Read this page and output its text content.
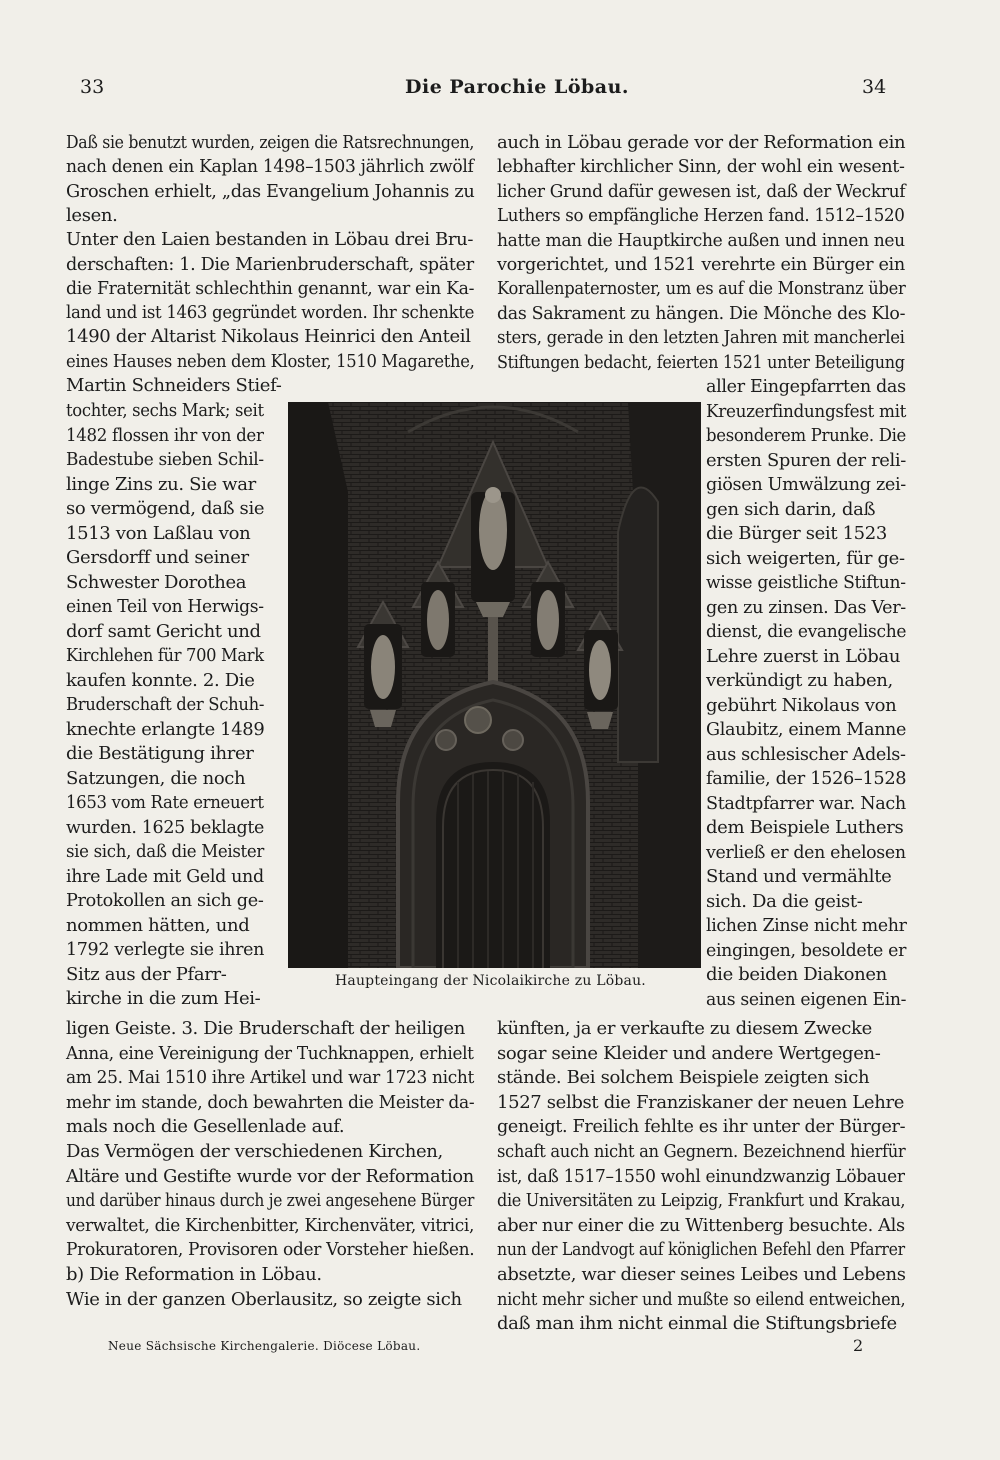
33	Die Parochie Löbau.	34
Daß sie benutzt wurden, zeigen die Ratsrechnungen,
nach denen ein Kaplan 1498–1503 jährlich zwölf
Groschen erhielt, „das Evangelium Johannis zu
lesen.
Unter den Laien bestanden in Löbau drei Bru-
derschaften: 1. Die Marienbruderschaft, später
die Fraternität schlechthin genannt, war ein Ka-
land und ist 1463 gegründet worden. Ihr schenkte
1490 der Altarist Nikolaus Heinrici den Anteil
eines Hauses neben dem Kloster, 1510 Magarethe,
Martin Schneiders Stief-
tochter, sechs Mark; seit
1482 flossen ihr von der
Badestube sieben Schil-
linge Zins zu. Sie war
so vermögend, daß sie
1513 von Laßlau von
Gersdorff und seiner
Schwester Dorothea
einen Teil von Herwigs-
dorf samt Gericht und
Kirchlehen für 700 Mark
kaufen konnte. 2. Die
Bruderschaft der Schuh-
knechte erlangte 1489
die Bestätigung ihrer
Satzungen, die noch
1653 vom Rate erneuert
wurden. 1625 beklagte
sie sich, daß die Meister
ihre Lade mit Geld und
Protokollen an sich ge-
nommen hätten, und
1792 verlegte sie ihren
Sitz aus der Pfarr-
kirche in die zum Hei-
ligen Geiste. 3. Die Bruderschaft der heiligen
Anna, eine Vereinigung der Tuchknappen, erhielt
am 25. Mai 1510 ihre Artikel und war 1723 nicht
mehr im stande, doch bewahrten die Meister da-
mals noch die Gesellenlade auf.
Das Vermögen der verschiedenen Kirchen,
Altäre und Gestifte wurde vor der Reformation
und darüber hinaus durch je zwei angesehene Bürger
verwaltet, die Kirchenbitter, Kirchenväter, vitrici,
Prokuratoren, Provisoren oder Vorsteher hießen.
b) Die Reformation in Löbau.
Wie in der ganzen Oberlausitz, so zeigte sich
auch in Löbau gerade vor der Reformation ein
lebhafter kirchlicher Sinn, der wohl ein wesent-
licher Grund dafür gewesen ist, daß der Weckruf
Luthers so empfängliche Herzen fand. 1512–1520
hatte man die Hauptkirche außen und innen neu
vorgerichtet, und 1521 verehrte ein Bürger ein
Korallenpaternoster, um es auf die Monstranz über
das Sakrament zu hängen. Die Mönche des Klo-
sters, gerade in den letzten Jahren mit mancherlei
Stiftungen bedacht, feierten 1521 unter Beteiligung
aller Eingepfarrten das
Kreuzerfindungsfest mit
besonderem Prunke. Die
ersten Spuren der reli-
giösen Umwälzung zei-
gen sich darin, daß
die Bürger seit 1523
sich weigerten, für ge-
wisse geistliche Stiftun-
gen zu zinsen. Das Ver-
dienst, die evangelische
Lehre zuerst in Löbau
verkündigt zu haben,
gebührt Nikolaus von
Glaubitz, einem Manne
aus schlesischer Adels-
familie, der 1526–1528
Stadtpfarrer war. Nach
dem Beispiele Luthers
verließ er den ehelosen
Stand und vermählte
sich. Da die geist-
lichen Zinse nicht mehr
eingingen, besoldete er
die beiden Diakonen
aus seinen eigenen Ein-
künften, ja er verkaufte zu diesem Zwecke
sogar seine Kleider und andere Wertgegen-
stände. Bei solchem Beispiele zeigten sich
1527 selbst die Franziskaner der neuen Lehre
geneigt. Freilich fehlte es ihr unter der Bürger-
schaft auch nicht an Gegnern. Bezeichnend hierfür
ist, daß 1517–1550 wohl einundzwanzig Löbauer
die Universitäten zu Leipzig, Frankfurt und Krakau,
aber nur einer die zu Wittenberg besuchte. Als
nun der Landvogt auf königlichen Befehl den Pfarrer
absetzte, war dieser seines Leibes und Lebens
nicht mehr sicher und mußte so eilend entweichen,
daß man ihm nicht einmal die Stiftungsbriefe
Haupteingang der Nicolaikirche zu Löbau.
Neue Sächsische Kirchengalerie. Diöcese Löbau.	2
